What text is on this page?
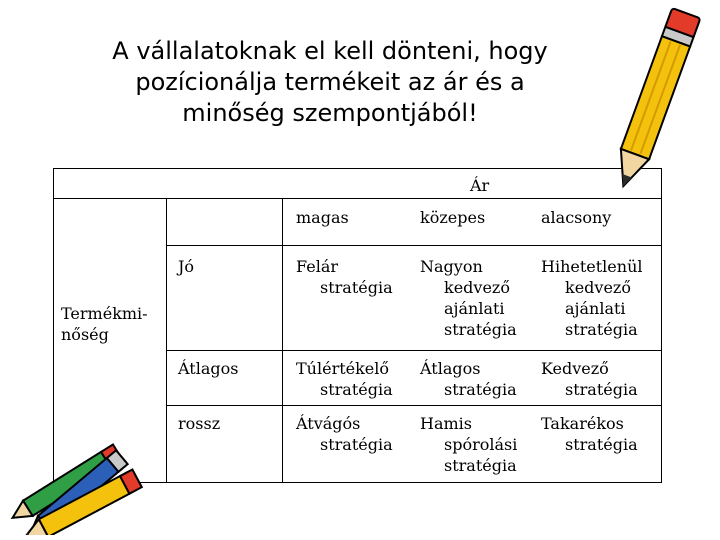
A vállalatoknak el kell dönteni, hogy
pozícionálja termékeit az ár és a
minőség szempontjából!
Ár
magas	közepes	alacsony
Termékmi-
nőség
Jó
Átlagos
rossz
Felár
stratégia
Nagyon
kedvező
ajánlati
stratégia
Hihetetlenül
kedvező
ajánlati
stratégia
Túlértékelő
stratégia
Átlagos
stratégia
Kedvező
stratégia
Átvágós
stratégia
Hamis
spórolási
stratégia
Takarékos
stratégia
